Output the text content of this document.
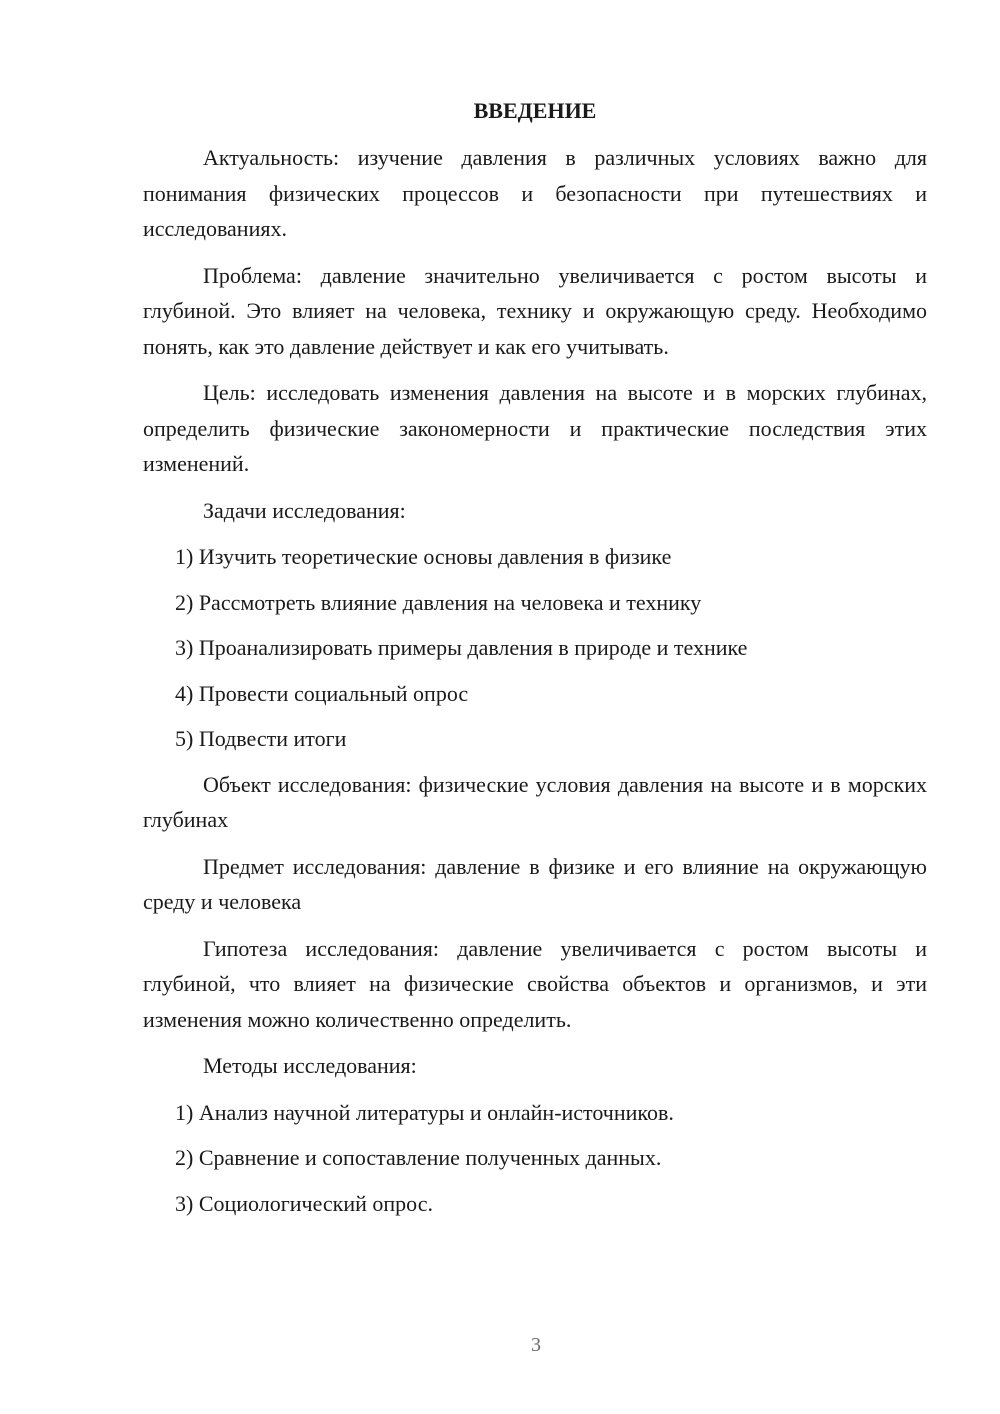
ВВЕДЕНИЕ

Актуальность: изучение давления в различных условиях важно для понимания физических процессов и безопасности при путешествиях и исследованиях.

Проблема: давление значительно увеличивается с ростом высоты и глубиной. Это влияет на человека, технику и окружающую среду. Необходимо понять, как это давление действует и как его учитывать.

Цель: исследовать изменения давления на высоте и в морских глубинах, определить физические закономерности и практические последствия этих изменений.

Задачи исследования:

1) Изучить теоретические основы давления в физике

2) Рассмотреть влияние давления на человека и технику

3) Проанализировать примеры давления в природе и технике

4) Провести социальный опрос

5) Подвести итоги

Объект исследования: физические условия давления на высоте и в морских глубинах

Предмет исследования: давление в физике и его влияние на окружающую среду и человека

Гипотеза исследования: давление увеличивается с ростом высоты и глубиной, что влияет на физические свойства объектов и организмов, и эти изменения можно количественно определить.

Методы исследования:

1) Анализ научной литературы и онлайн-источников.

2) Сравнение и сопоставление полученных данных.

3) Социологический опрос.

3
